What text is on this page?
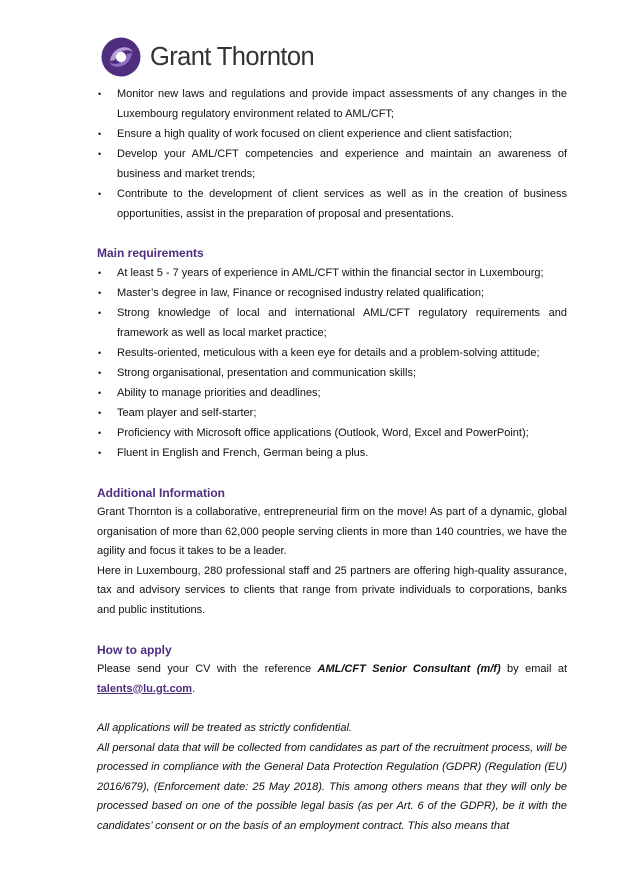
Grant Thornton
• Monitor new laws and regulations and provide impact assessments of any changes in the Luxembourg regulatory environment related to AML/CFT;
• Ensure a high quality of work focused on client experience and client satisfaction;
• Develop your AML/CFT competencies and experience and maintain an awareness of business and market trends;
• Contribute to the development of client services as well as in the creation of business opportunities, assist in the preparation of proposal and presentations.
Main requirements
• At least 5 - 7 years of experience in AML/CFT within the financial sector in Luxembourg;
• Master’s degree in law, Finance or recognised industry related qualification;
• Strong knowledge of local and international AML/CFT regulatory requirements and framework as well as local market practice;
• Results-oriented, meticulous with a keen eye for details and a problem-solving attitude;
• Strong organisational, presentation and communication skills;
• Ability to manage priorities and deadlines;
• Team player and self-starter;
• Proficiency with Microsoft office applications (Outlook, Word, Excel and PowerPoint);
• Fluent in English and French, German being a plus.
Additional Information

Grant Thornton is a collaborative, entrepreneurial firm on the move! As part of a dynamic, global organisation of more than 62,000 people serving clients in more than 140 countries, we have the agility and focus it takes to be a leader.

Here in Luxembourg, 280 professional staff and 25 partners are offering high-quality assurance, tax and advisory services to clients that range from private individuals to corporations, banks and public institutions.

How to apply

Please send your CV with the reference AML/CFT Senior Consultant (m/f) by email at talents@lu.gt.com.

All applications will be treated as strictly confidential.

All personal data that will be collected from candidates as part of the recruitment process, will be processed in compliance with the General Data Protection Regulation (GDPR) (Regulation (EU) 2016/679), (Enforcement date: 25 May 2018). This among others means that they will only be processed based on one of the possible legal basis (as per Art. 6 of the GDPR), be it with the candidates’ consent or on the basis of an employment contract. This also means that
